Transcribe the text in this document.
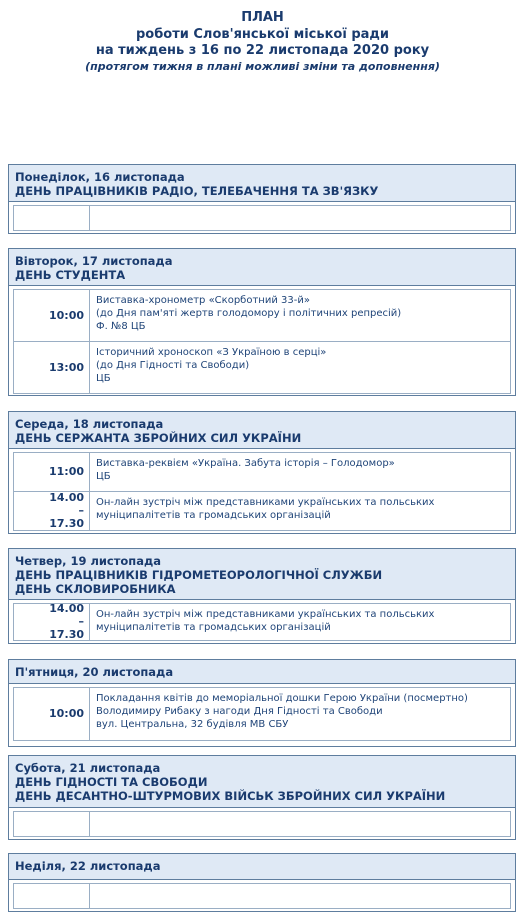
ПЛАН
роботи Слов'янської міської ради
на тиждень з 16 по 22 листопада 2020 року
(протягом тижня в плані можливі зміни та доповнення)
Понеділок, 16 листопада
ДЕНЬ ПРАЦІВНИКІВ РАДІО, ТЕЛЕБАЧЕННЯ ТА ЗВ'ЯЗКУ
Вівторок, 17 листопада
ДЕНЬ СТУДЕНТА
10:00
Виставка-хронометр «Скорботний 33-й»
(до Дня пам'яті жертв голодомору і політичних репресій)
Ф. №8 ЦБ
13:00
Історичний хроноскоп «З Україною в серці»
(до Дня Гідності та Свободи)
ЦБ
Середа, 18 листопада
ДЕНЬ СЕРЖАНТА ЗБРОЙНИХ СИЛ УКРАЇНИ
11:00
Виставка-реквієм «Україна. Забута історія – Голодомор»
ЦБ
14.00 – 17.30
Он-лайн зустріч між представниками українських та польських муніципалітетів та громадських організацій
Четвер, 19 листопада
ДЕНЬ ПРАЦІВНИКІВ ГІДРОМЕТЕОРОЛОГІЧНОЇ СЛУЖБИ
ДЕНЬ СКЛОВИРОБНИКА
14.00 – 17.30
Он-лайн зустріч між представниками українських та польських муніципалітетів та громадських організацій
П'ятниця, 20 листопада
10:00
Покладання квітів до меморіальної дошки Герою України (посмертно) Володимиру Рибаку з нагоди Дня Гідності та Свободи
вул. Центральна, 32 будівля МВ СБУ
Субота, 21 листопада
ДЕНЬ ГІДНОСТІ ТА СВОБОДИ
ДЕНЬ ДЕСАНТНО-ШТУРМОВИХ ВІЙСЬК ЗБРОЙНИХ СИЛ УКРАЇНИ
Неділя, 22 листопада
